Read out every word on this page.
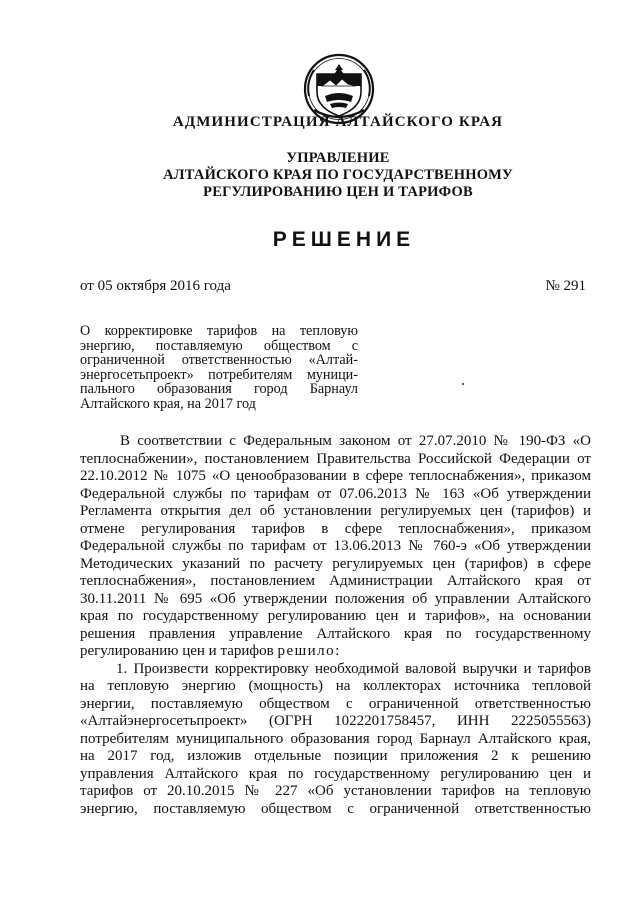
АДМИНИСТРАЦИЯ АЛТАЙСКОГО КРАЯ
УПРАВЛЕНИЕ
АЛТАЙСКОГО КРАЯ ПО ГОСУДАРСТВЕННОМУ
РЕГУЛИРОВАНИЮ ЦЕН И ТАРИФОВ
РЕШЕНИЕ
от 05 октября 2016 года	№ 291
О корректировке тарифов на тепловую
энергию, поставляемую обществом с
ограниченной ответственностью «Алтай-
энергосетьпроект» потребителям муници-
пального образования город Барнаул
Алтайского края, на 2017 год
В соответствии с Федеральным законом от 27.07.2010 № 190-ФЗ «О
теплоснабжении», постановлением Правительства Российской Федерации от
22.10.2012 № 1075 «О ценообразовании в сфере теплоснабжения», приказом
Федеральной службы по тарифам от 07.06.2013 № 163 «Об утверждении
Регламента открытия дел об установлении регулируемых цен (тарифов) и
отмене регулирования тарифов в сфере теплоснабжения», приказом
Федеральной службы по тарифам от 13.06.2013 № 760-э «Об утверждении
Методических указаний по расчету регулируемых цен (тарифов) в сфере
теплоснабжения», постановлением Администрации Алтайского края от
30.11.2011 № 695 «Об утверждении положения об управлении Алтайского
края по государственному регулированию цен и тарифов», на основании
решения правления управление Алтайского края по государственному
регулированию цен и тарифов решило:
1. Произвести корректировку необходимой валовой выручки и тарифов
на тепловую энергию (мощность) на коллекторах источника тепловой
энергии, поставляемую обществом с ограниченной ответственностью
«Алтайэнергосетьпроект» (ОГРН 1022201758457, ИНН 2225055563)
потребителям муниципального образования город Барнаул Алтайского края,
на 2017 год, изложив отдельные позиции приложения 2 к решению
управления Алтайского края по государственному регулированию цен и
тарифов от 20.10.2015 № 227 «Об установлении тарифов на тепловую
энергию, поставляемую обществом с ограниченной ответственностью
